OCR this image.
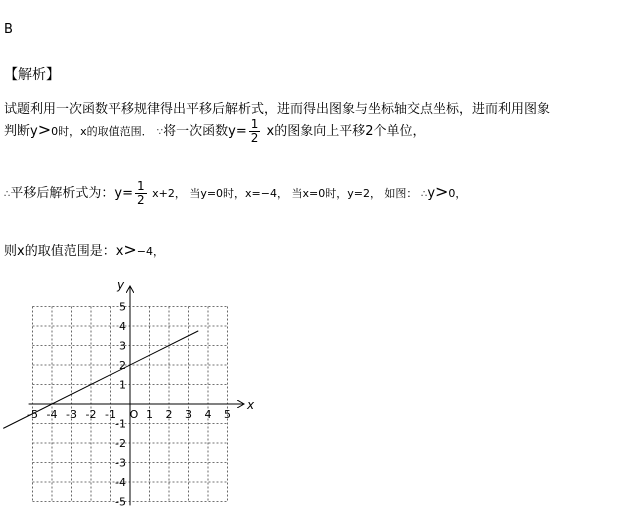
B
【解析】
试题利用一次函数平移规律得出平移后解析式，进而得出图象与坐标轴交点坐标，进而利用图象
判断y>0时，x的取值范围． ∵将一次函数$y= \frac{1}{2}$ x的图象向上平移2个单位，
∴平移后解析式为：$y= \frac{1}{2} x+2$， 当y=0时，x=−4， 当x=0时，y=2， 如图： ∴y>0，
则x的取值范围是：x>−4，
x
y
-5 -4 -3 -2 -1	1 2 3 4 5
O
5
4
3
2
1
-1
-2
-3
-4
-5
